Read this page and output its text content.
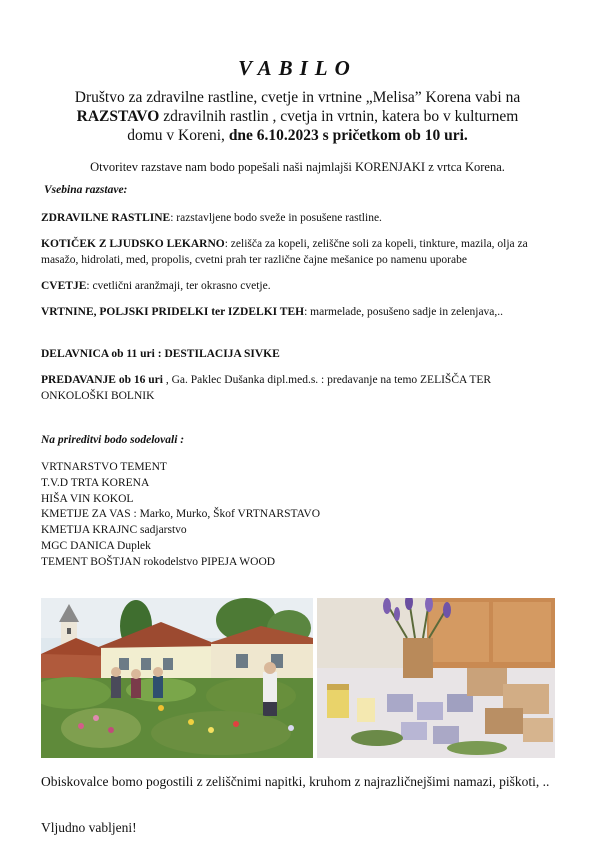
VABILO
Društvo za zdravilne rastline, cvetje in vrtnine „Melisa” Korena vabi na
RAZSTAVO zdravilnih rastlin , cvetja in vrtnin, katera bo v kulturnem domu v Koreni, dne 6.10.2023 s pričetkom ob 10 uri.
Otvoritev razstave nam bodo popešali naši najmlajši KORENJAKI z vrtca Korena.
Vsebina razstave:
ZDRAVILNE RASTLINE: razstavljene bodo sveže in posušene rastline.
KOTIČEK Z LJUDSKO LEKARNO: zelišča za kopeli, zeliščne soli za kopeli, tinkture, mazila, olja za masažo, hidrolati, med, propolis, cvetni prah ter različne čajne mešanice po namenu uporabe
CVETJE: cvetlični aranžmaji, ter okrasno cvetje.
VRTNINE, POLJSKI PRIDELKI ter IZDELKI TEH: marmelade, posušeno sadje in zelenjava,..
DELAVNICA ob 11 uri : DESTILACIJA SIVKE
PREDAVANJE ob 16 uri , Ga. Paklec Dušanka dipl.med.s. : predavanje na temo ZELIŠČA TER ONKOLOŠKI BOLNIK
Na prireditvi bodo sodelovali :
VRTNARSTVO TEMENT
T.V.D TRTA KORENA
HIŠA VIN KOKOL
KMETIJE ZA VAS : Marko, Murko, Škof VRTNARSTAVO
KMETIJA KRAJNC sadjarstvo
MGC DANICA Duplek
TEMENT BOŠTJAN rokodelstvo PIPEJA WOOD
Obiskovalce bomo pogostili z zeliščnimi napitki, kruhom z najrazličnejšimi namazi, piškoti, ..
Vljudno vabljeni!
